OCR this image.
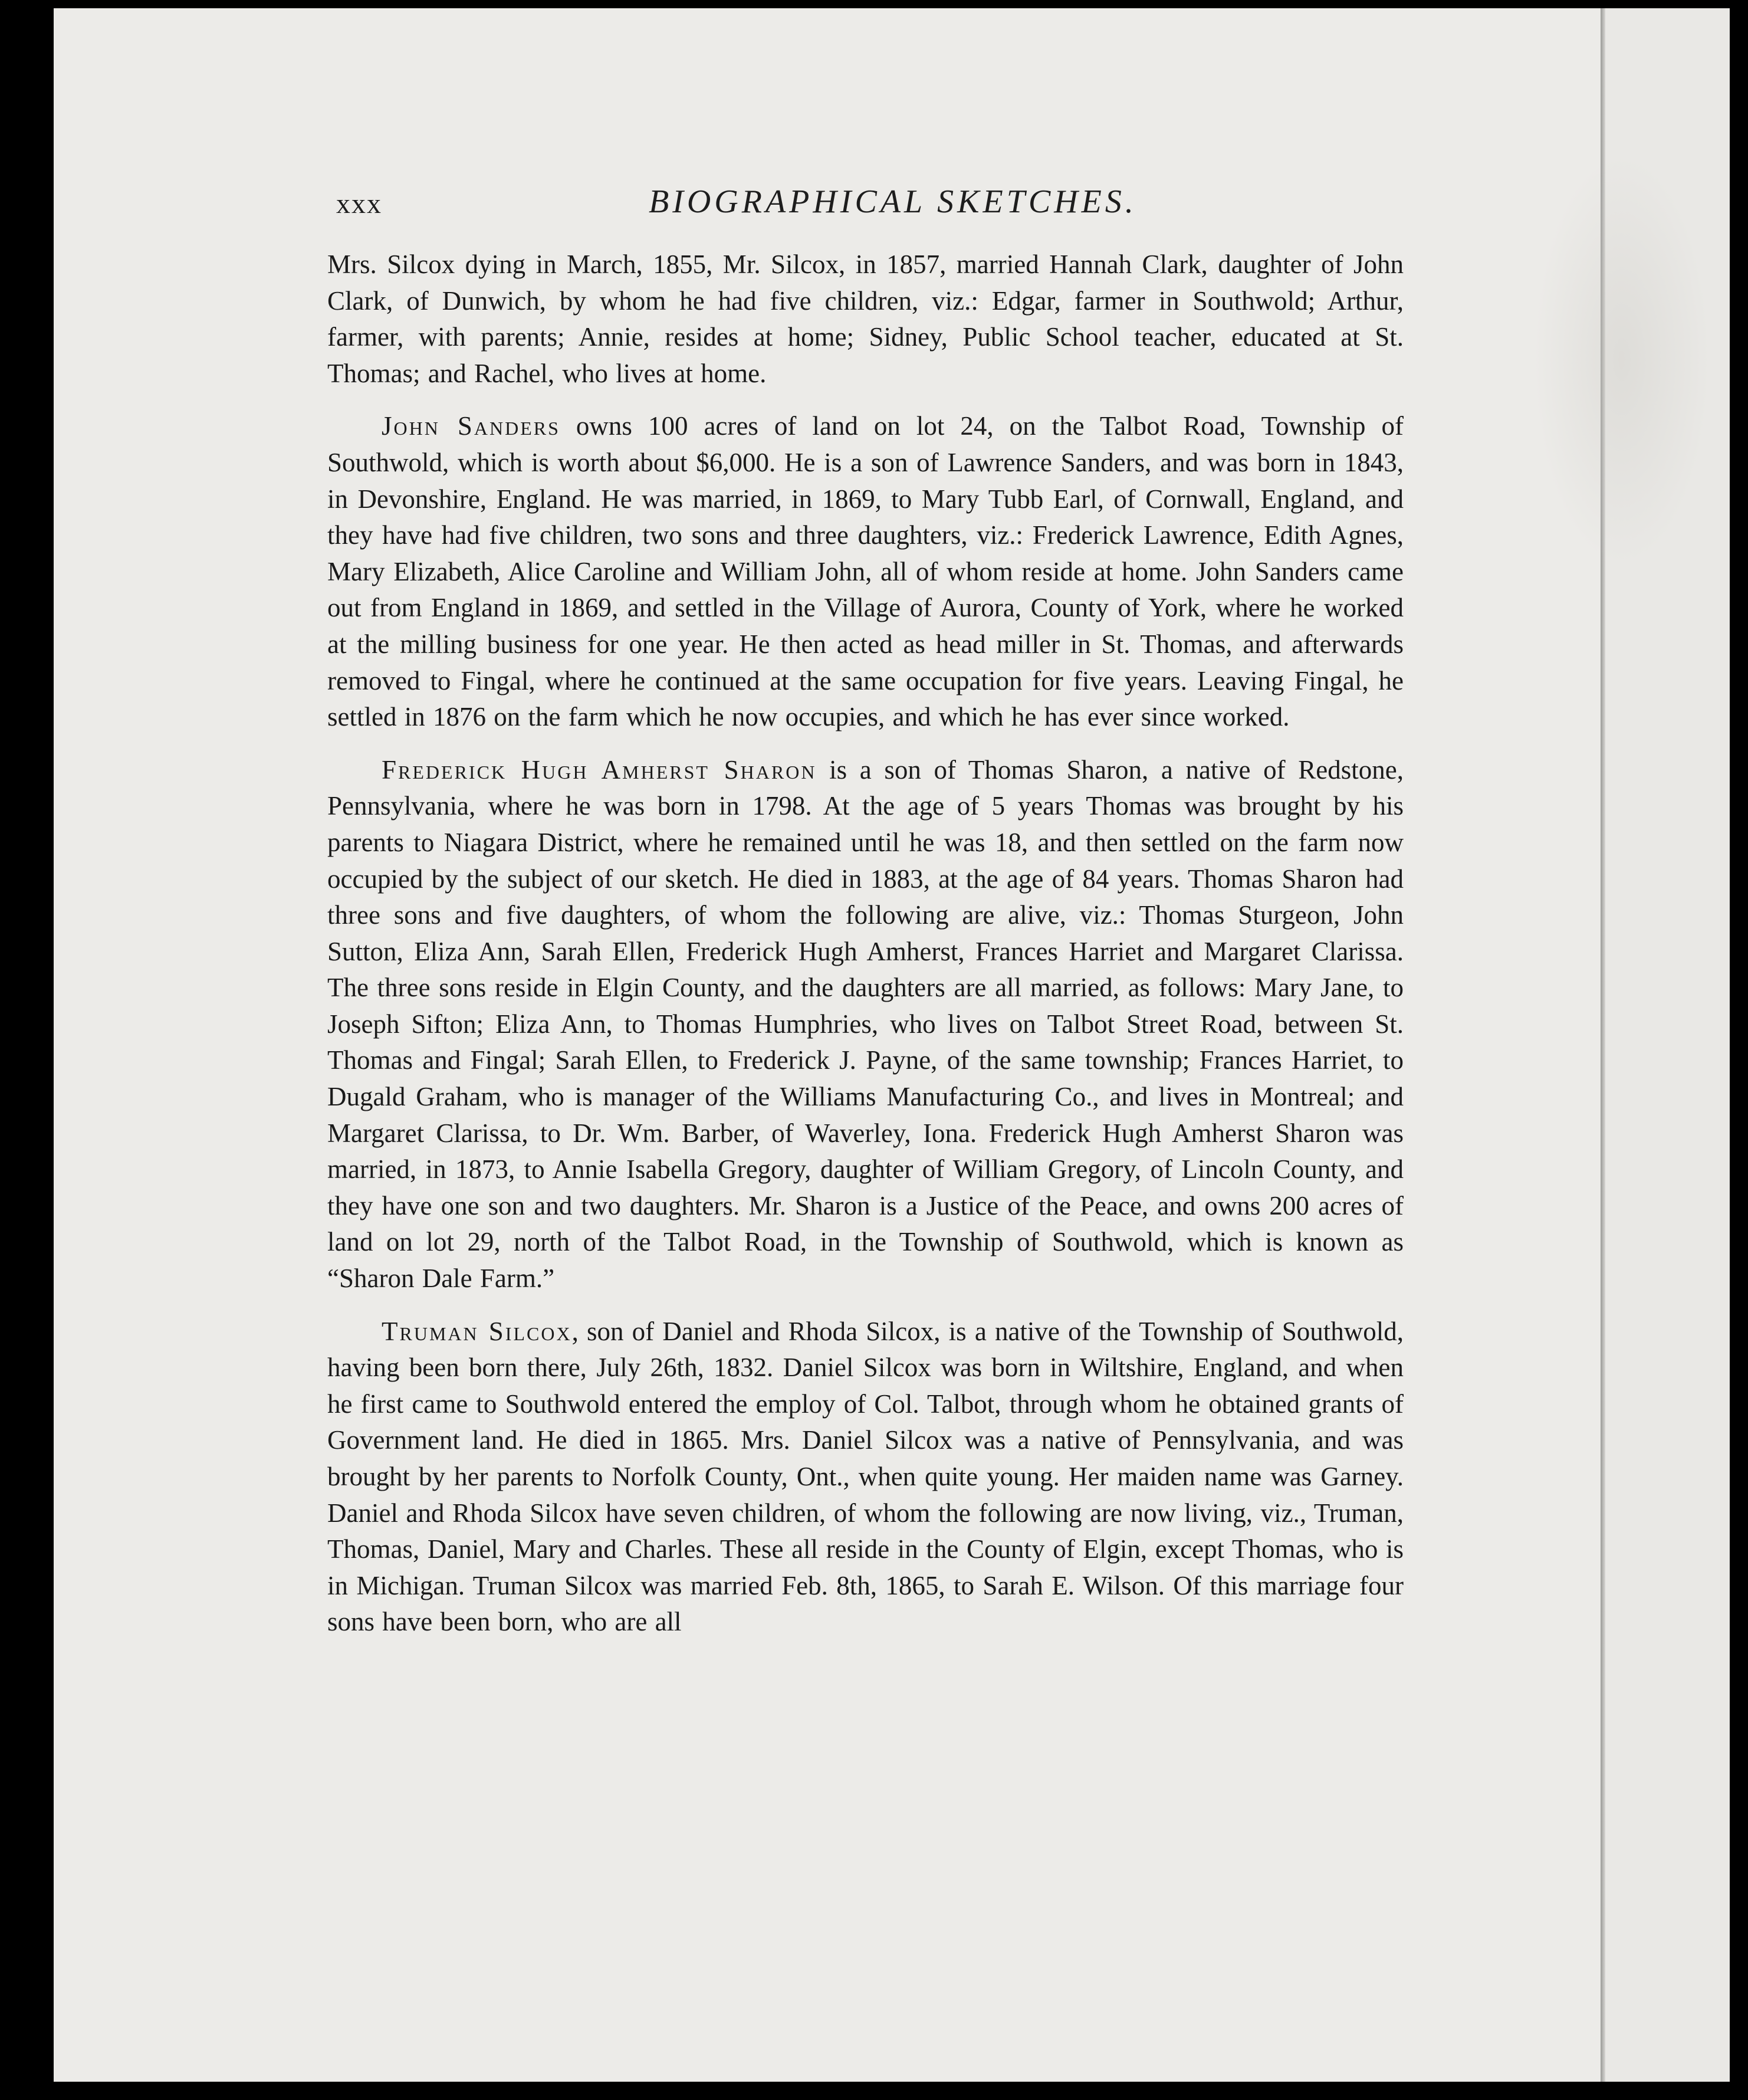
xxx	BIOGRAPHICAL SKETCHES.

Mrs. Silcox dying in March, 1855, Mr. Silcox, in 1857, married Hannah Clark, daughter of John Clark, of Dunwich, by whom he had five children, viz.: Edgar, farmer in Southwold; Arthur, farmer, with parents; Annie, resides at home; Sidney, Public School teacher, educated at St. Thomas; and Rachel, who lives at home.

John Sanders owns 100 acres of land on lot 24, on the Talbot Road, Township of Southwold, which is worth about $6,000. He is a son of Lawrence Sanders, and was born in 1843, in Devonshire, England. He was married, in 1869, to Mary Tubb Earl, of Cornwall, England, and they have had five children, two sons and three daughters, viz.: Frederick Lawrence, Edith Agnes, Mary Elizabeth, Alice Caroline and William John, all of whom reside at home. John Sanders came out from England in 1869, and settled in the Village of Aurora, County of York, where he worked at the milling business for one year. He then acted as head miller in St. Thomas, and afterwards removed to Fingal, where he continued at the same occupation for five years. Leaving Fingal, he settled in 1876 on the farm which he now occupies, and which he has ever since worked.

Frederick Hugh Amherst Sharon is a son of Thomas Sharon, a native of Redstone, Pennsylvania, where he was born in 1798. At the age of 5 years Thomas was brought by his parents to Niagara District, where he remained until he was 18, and then settled on the farm now occupied by the subject of our sketch. He died in 1883, at the age of 84 years. Thomas Sharon had three sons and five daughters, of whom the following are alive, viz.: Thomas Sturgeon, John Sutton, Eliza Ann, Sarah Ellen, Frederick Hugh Amherst, Frances Harriet and Margaret Clarissa. The three sons reside in Elgin County, and the daughters are all married, as follows: Mary Jane, to Joseph Sifton; Eliza Ann, to Thomas Humphries, who lives on Talbot Street Road, between St. Thomas and Fingal; Sarah Ellen, to Frederick J. Payne, of the same township; Frances Harriet, to Dugald Graham, who is manager of the Williams Manufacturing Co., and lives in Montreal; and Margaret Clarissa, to Dr. Wm. Barber, of Waverley, Iona. Frederick Hugh Amherst Sharon was married, in 1873, to Annie Isabella Gregory, daughter of William Gregory, of Lincoln County, and they have one son and two daughters. Mr. Sharon is a Justice of the Peace, and owns 200 acres of land on lot 29, north of the Talbot Road, in the Township of Southwold, which is known as “Sharon Dale Farm.”

Truman Silcox, son of Daniel and Rhoda Silcox, is a native of the Township of Southwold, having been born there, July 26th, 1832. Daniel Silcox was born in Wiltshire, England, and when he first came to Southwold entered the employ of Col. Talbot, through whom he obtained grants of Government land. He died in 1865. Mrs. Daniel Silcox was a native of Pennsylvania, and was brought by her parents to Norfolk County, Ont., when quite young. Her maiden name was Garney. Daniel and Rhoda Silcox have seven children, of whom the following are now living, viz., Truman, Thomas, Daniel, Mary and Charles. These all reside in the County of Elgin, except Thomas, who is in Michigan. Truman Silcox was married Feb. 8th, 1865, to Sarah E. Wilson. Of this marriage four sons have been born, who are all
